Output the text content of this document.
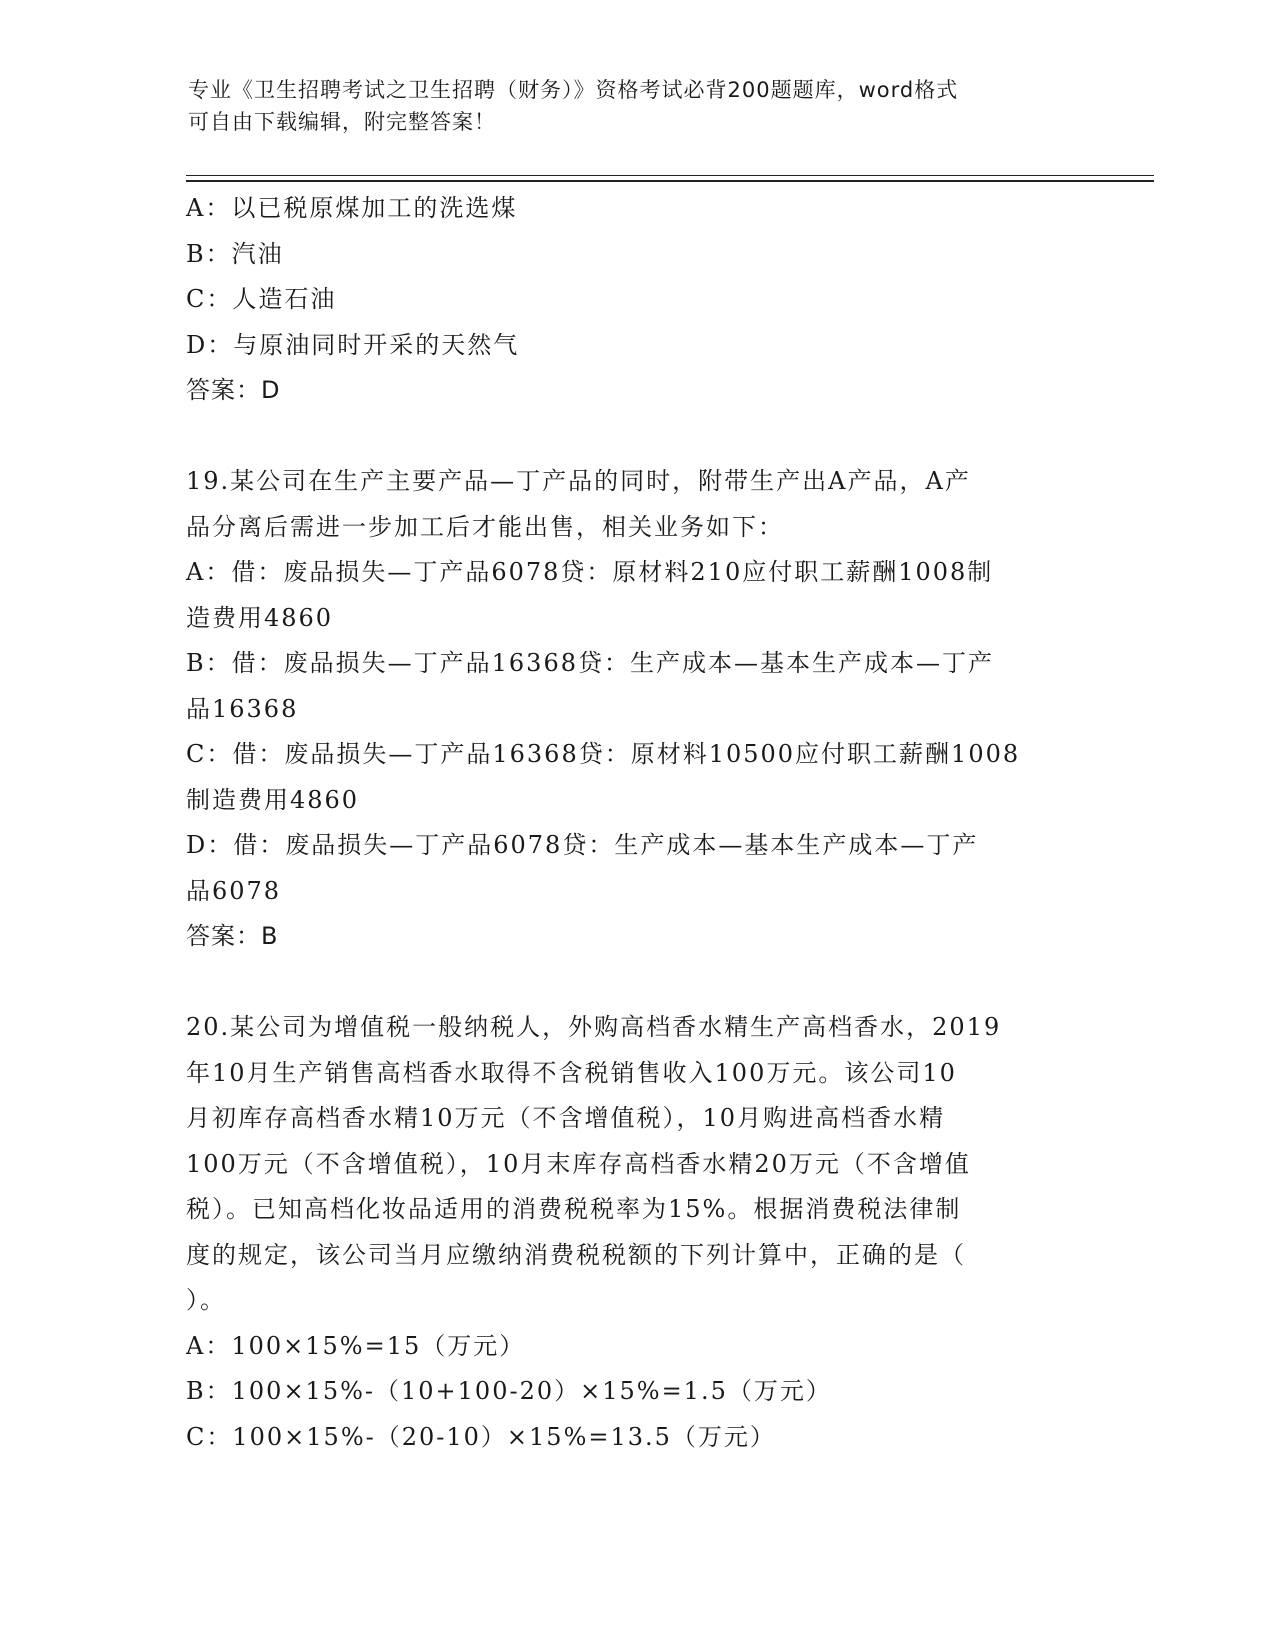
专业《卫生招聘考试之卫生招聘（财务）》资格考试必背200题题库，word格式
可自由下载编辑，附完整答案！
A：以已税原煤加工的洗选煤
B：汽油
C：人造石油
D：与原油同时开采的天然气
答案：D
19.某公司在生产主要产品—丁产品的同时，附带生产出A产品，A产
品分离后需进一步加工后才能出售，相关业务如下：
A：借：废品损失—丁产品6078贷：原材料210应付职工薪酬1008制
造费用4860
B：借：废品损失—丁产品16368贷：生产成本—基本生产成本—丁产
品16368
C：借：废品损失—丁产品16368贷：原材料10500应付职工薪酬1008
制造费用4860
D：借：废品损失—丁产品6078贷：生产成本—基本生产成本—丁产
品6078
答案：B
20.某公司为增值税一般纳税人，外购高档香水精生产高档香水，2019
年10月生产销售高档香水取得不含税销售收入100万元。该公司10
月初库存高档香水精10万元（不含增值税），10月购进高档香水精
100万元（不含增值税），10月末库存高档香水精20万元（不含增值
税）。已知高档化妆品适用的消费税税率为15%。根据消费税法律制
度的规定，该公司当月应缴纳消费税税额的下列计算中，正确的是（
）。
A：100×15%=15（万元）
B：100×15%-（10+100-20）×15%=1.5（万元）
C：100×15%-（20-10）×15%=13.5（万元）
